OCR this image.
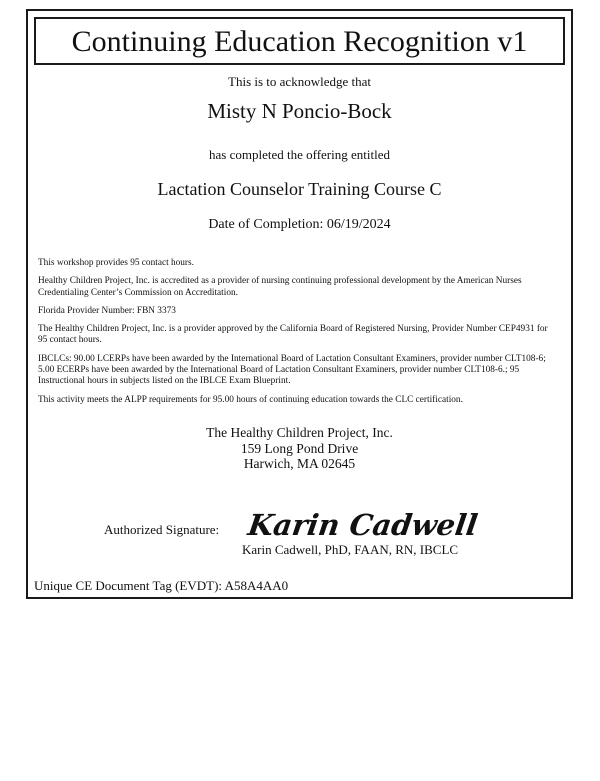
Continuing Education Recognition v1
This is to acknowledge that
Misty N Poncio-Bock
has completed the offering entitled
Lactation Counselor Training Course C
Date of Completion: 06/19/2024

This workshop provides 95 contact hours.

Healthy Children Project, Inc. is accredited as a provider of nursing continuing professional development by the American Nurses Credentialing Center’s Commission on Accreditation.

Florida Provider Number: FBN 3373

The Healthy Children Project, Inc. is a provider approved by the California Board of Registered Nursing, Provider Number CEP4931 for 95 contact hours.

IBCLCs: 90.00 LCERPs have been awarded by the International Board of Lactation Consultant Examiners, provider number CLT108-6; 5.00 ECERPs have been awarded by the International Board of Lactation Consultant Examiners, provider number CLT108-6.; 95 Instructional hours in subjects listed on the IBLCE Exam Blueprint.

This activity meets the ALPP requirements for 95.00 hours of continuing education towards the CLC certification.

The Healthy Children Project, Inc.
159 Long Pond Drive
Harwich, MA 02645
Authorized Signature: Karin Cadwell
Karin Cadwell, PhD, FAAN, RN, IBCLC
Unique CE Document Tag (EVDT): A58A4AA0
